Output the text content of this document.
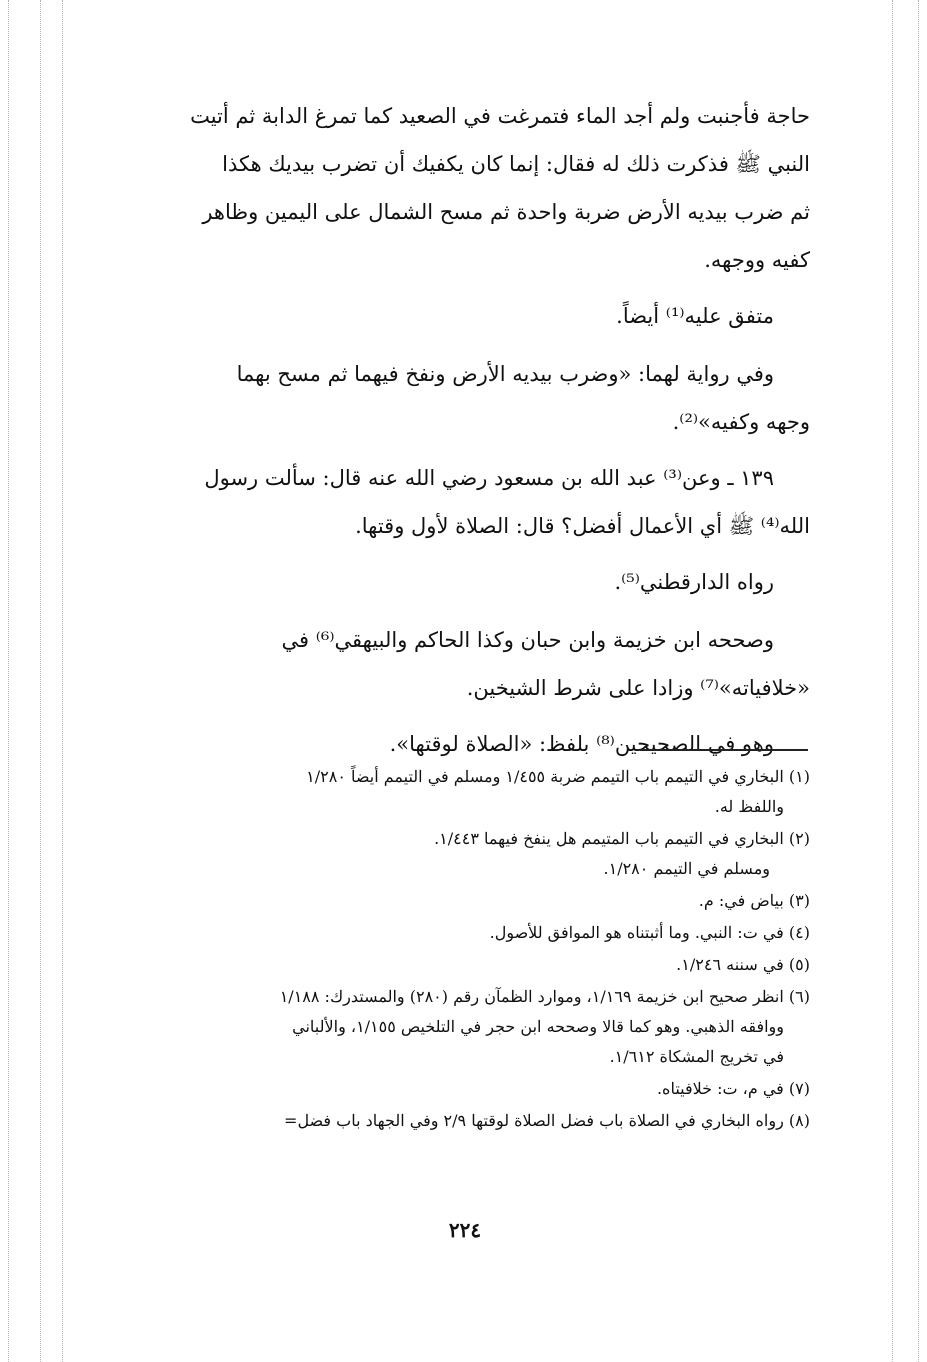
حاجة فأجنبت ولم أجد الماء فتمرغت في الصعيد كما تمرغ الدابة ثم أتيت
النبي ﷺ فذكرت ذلك له فقال: إنما كان يكفيك أن تضرب بيديك هكذا
ثم ضرب بيديه الأرض ضربة واحدة ثم مسح الشمال على اليمين وظاهر
كفيه ووجهه.
متفق عليه⁽¹⁾ أيضاً.
وفي رواية لهما: «وضرب بيديه الأرض ونفخ فيهما ثم مسح بهما
وجهه وكفيه»⁽²⁾.
١٣٩ ـ وعن⁽³⁾ عبد الله بن مسعود رضي الله عنه قال: سألت رسول
الله⁽⁴⁾ ﷺ أي الأعمال أفضل؟ قال: الصلاة لأول وقتها.
رواه الدارقطني⁽⁵⁾.
وصححه ابن خزيمة وابن حبان وكذا الحاكم والبيهقي⁽⁶⁾ في
«خلافياته»⁽⁷⁾ وزادا على شرط الشيخين.
وهو في الصحيحين⁽⁸⁾ بلفظ: «الصلاة لوقتها».
(١) البخاري في التيمم باب التيمم ضربة ١/٤٥٥ ومسلم في التيمم أيضاً ١/٢٨٠
واللفظ له.
(٢) البخاري في التيمم باب المتيمم هل ينفخ فيهما ١/٤٤٣.
ومسلم في التيمم ١/٢٨٠.
(٣) بياض في: م.
(٤) في ت: النبي. وما أثبتناه هو الموافق للأصول.
(٥) في سننه ١/٢٤٦.
(٦) انظر صحيح ابن خزيمة ١/١٦٩، وموارد الظمآن رقم (٢٨٠) والمستدرك: ١/١٨٨
ووافقه الذهبي. وهو كما قالا وصححه ابن حجر في التلخيص ١/١٥٥، والألباني
في تخريج المشكاة ١/٦١٢.
(٧) في م، ت: خلافيتاه.
(٨) رواه البخاري في الصلاة باب فضل الصلاة لوقتها ٢/٩ وفي الجهاد باب فضل=
٢٢٤
